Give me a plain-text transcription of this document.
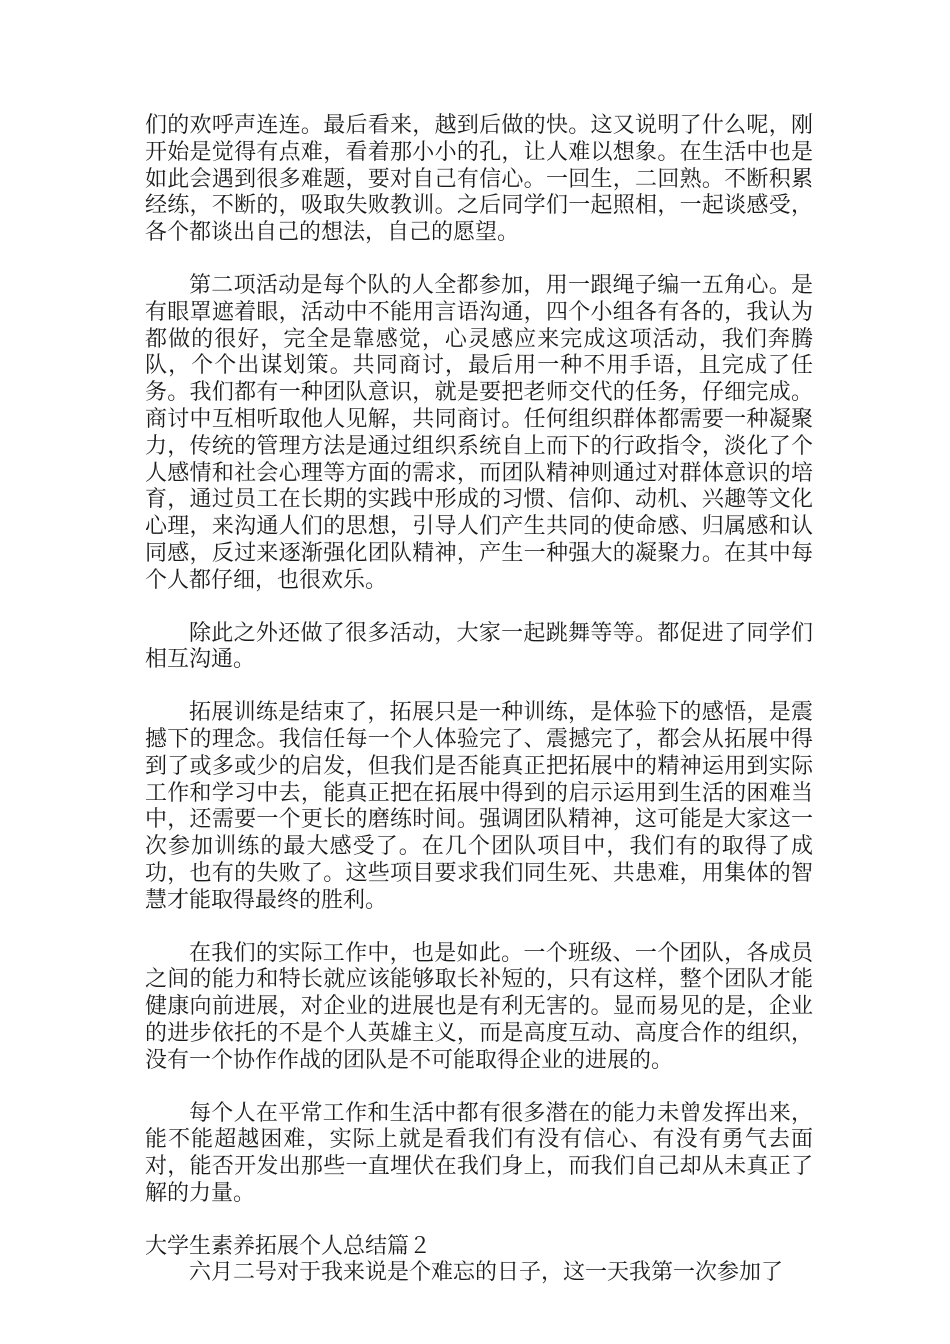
们的欢呼声连连。最后看来，越到后做的快。这又说明了什么呢，刚开始是觉得有点难，看着那小小的孔，让人难以想象。在生活中也是如此会遇到很多难题，要对自己有信心。一回生，二回熟。不断积累经练，不断的，吸取失败教训。之后同学们一起照相，一起谈感受，各个都谈出自己的想法，自己的愿望。

第二项活动是每个队的人全都参加，用一跟绳子编一五角心。是有眼罩遮着眼，活动中不能用言语沟通，四个小组各有各的，我认为都做的很好，完全是靠感觉，心灵感应来完成这项活动，我们奔腾队，个个出谋划策。共同商讨，最后用一种不用手语，且完成了任务。我们都有一种团队意识，就是要把老师交代的任务，仔细完成。商讨中互相听取他人见解，共同商讨。任何组织群体都需要一种凝聚力，传统的管理方法是通过组织系统自上而下的行政指令，淡化了个人感情和社会心理等方面的需求，而团队精神则通过对群体意识的培育，通过员工在长期的实践中形成的习惯、信仰、动机、兴趣等文化心理，来沟通人们的思想，引导人们产生共同的使命感、归属感和认同感，反过来逐渐强化团队精神，产生一种强大的凝聚力。在其中每个人都仔细，也很欢乐。

除此之外还做了很多活动，大家一起跳舞等等。都促进了同学们相互沟通。

拓展训练是结束了，拓展只是一种训练，是体验下的感悟，是震撼下的理念。我信任每一个人体验完了、震撼完了，都会从拓展中得到了或多或少的启发，但我们是否能真正把拓展中的精神运用到实际工作和学习中去，能真正把在拓展中得到的启示运用到生活的困难当中，还需要一个更长的磨练时间。强调团队精神，这可能是大家这一次参加训练的最大感受了。在几个团队项目中，我们有的取得了成功，也有的失败了。这些项目要求我们同生死、共患难，用集体的智慧才能取得最终的胜利。

在我们的实际工作中，也是如此。一个班级、一个团队，各成员之间的能力和特长就应该能够取长补短的，只有这样，整个团队才能健康向前进展，对企业的进展也是有利无害的。显而易见的是，企业的进步依托的不是个人英雄主义，而是高度互动、高度合作的组织，没有一个协作作战的团队是不可能取得企业的进展的。

每个人在平常工作和生活中都有很多潜在的能力未曾发挥出来，能不能超越困难，实际上就是看我们有没有信心、有没有勇气去面对，能否开发出那些一直埋伏在我们身上，而我们自己却从未真正了解的力量。

大学生素养拓展个人总结篇２

六月二号对于我来说是个难忘的日子，这一天我第一次参加了
